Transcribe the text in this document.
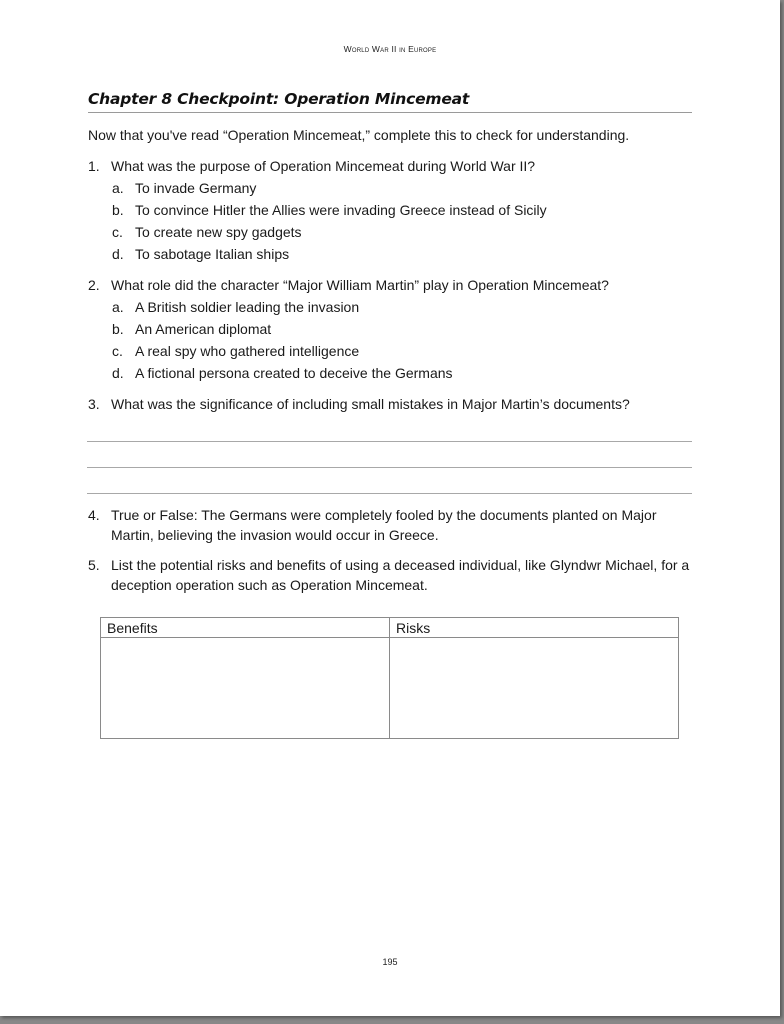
World War II in Europe
Chapter 8 Checkpoint: Operation Mincemeat
Now that you've read “Operation Mincemeat,” complete this to check for understanding.
1. What was the purpose of Operation Mincemeat during World War II?
a. To invade Germany
b. To convince Hitler the Allies were invading Greece instead of Sicily
c. To create new spy gadgets
d. To sabotage Italian ships
2. What role did the character “Major William Martin” play in Operation Mincemeat?
a. A British soldier leading the invasion
b. An American diplomat
c. A real spy who gathered intelligence
d. A fictional persona created to deceive the Germans
3. What was the significance of including small mistakes in Major Martin’s documents?
4. True or False: The Germans were completely fooled by the documents planted on Major Martin, believing the invasion would occur in Greece.
5. List the potential risks and benefits of using a deceased individual, like Glyndwr Michael, for a deception operation such as Operation Mincemeat.
Benefits	Risks

195
